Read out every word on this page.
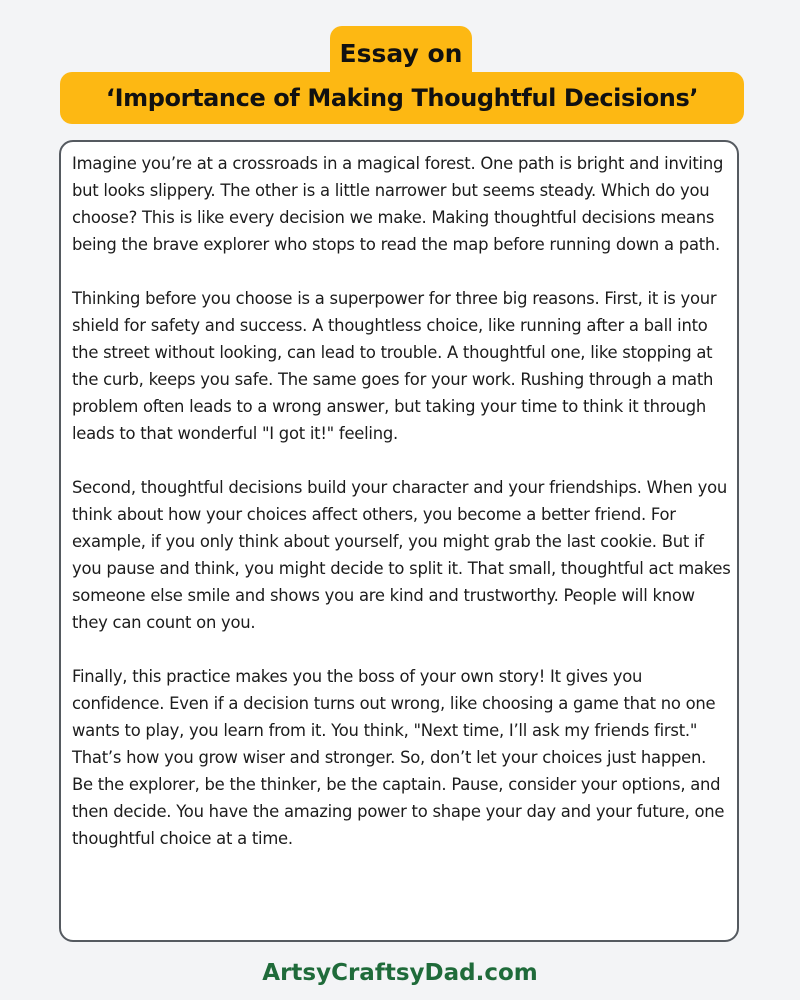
Essay on
‘Importance of Making Thoughtful Decisions’

Imagine you’re at a crossroads in a magical forest. One path is bright and inviting but looks slippery. The other is a little narrower but seems steady. Which do you choose? This is like every decision we make. Making thoughtful decisions means being the brave explorer who stops to read the map before running down a path.

Thinking before you choose is a superpower for three big reasons. First, it is your shield for safety and success. A thoughtless choice, like running after a ball into the street without looking, can lead to trouble. A thoughtful one, like stopping at the curb, keeps you safe. The same goes for your work. Rushing through a math problem often leads to a wrong answer, but taking your time to think it through leads to that wonderful "I got it!" feeling.

Second, thoughtful decisions build your character and your friendships. When you think about how your choices affect others, you become a better friend. For example, if you only think about yourself, you might grab the last cookie. But if you pause and think, you might decide to split it. That small, thoughtful act makes someone else smile and shows you are kind and trustworthy. People will know they can count on you.

Finally, this practice makes you the boss of your own story! It gives you confidence. Even if a decision turns out wrong, like choosing a game that no one wants to play, you learn from it. You think, "Next time, I’ll ask my friends first." That’s how you grow wiser and stronger. So, don’t let your choices just happen. Be the explorer, be the thinker, be the captain. Pause, consider your options, and then decide. You have the amazing power to shape your day and your future, one thoughtful choice at a time.

ArtsyCraftsyDad.com
